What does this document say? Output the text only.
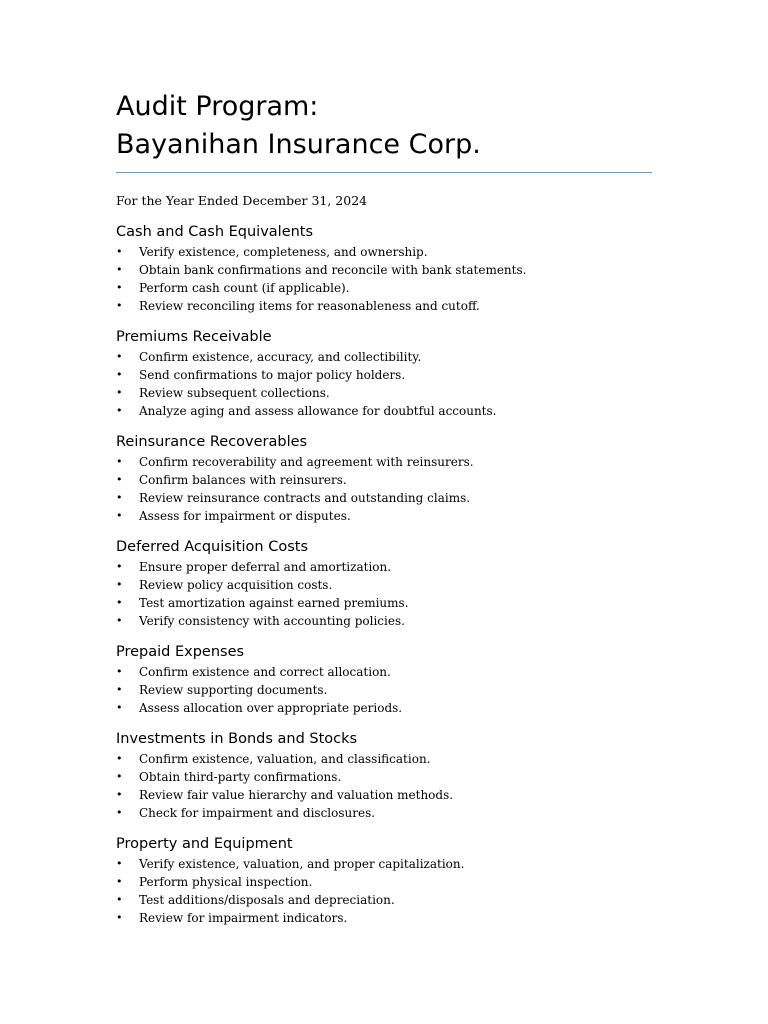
Audit Program:
Bayanihan Insurance Corp.
For the Year Ended December 31, 2024
Cash and Cash Equivalents
• Verify existence, completeness, and ownership.
• Obtain bank confirmations and reconcile with bank statements.
• Perform cash count (if applicable).
• Review reconciling items for reasonableness and cutoff.
Premiums Receivable
• Confirm existence, accuracy, and collectibility.
• Send confirmations to major policy holders.
• Review subsequent collections.
• Analyze aging and assess allowance for doubtful accounts.
Reinsurance Recoverables
• Confirm recoverability and agreement with reinsurers.
• Confirm balances with reinsurers.
• Review reinsurance contracts and outstanding claims.
• Assess for impairment or disputes.
Deferred Acquisition Costs
• Ensure proper deferral and amortization.
• Review policy acquisition costs.
• Test amortization against earned premiums.
• Verify consistency with accounting policies.
Prepaid Expenses
• Confirm existence and correct allocation.
• Review supporting documents.
• Assess allocation over appropriate periods.
Investments in Bonds and Stocks
• Confirm existence, valuation, and classification.
• Obtain third-party confirmations.
• Review fair value hierarchy and valuation methods.
• Check for impairment and disclosures.
Property and Equipment
• Verify existence, valuation, and proper capitalization.
• Perform physical inspection.
• Test additions/disposals and depreciation.
• Review for impairment indicators.
